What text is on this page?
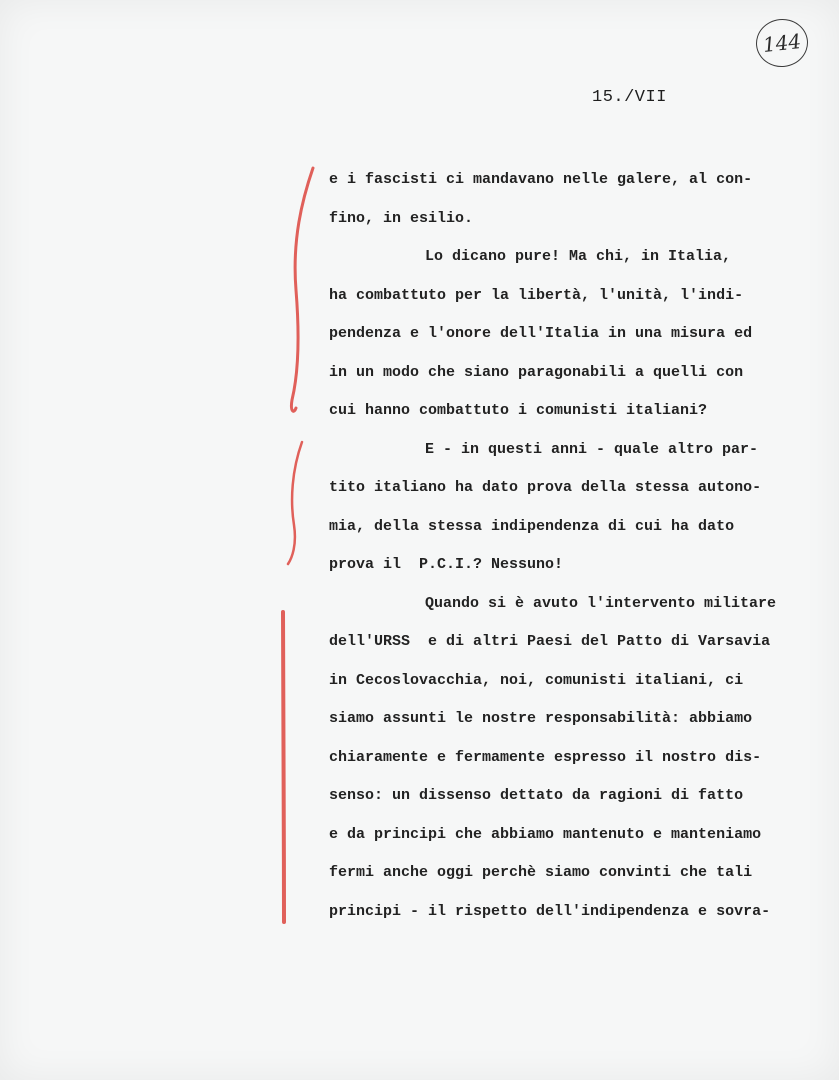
144
15./VII
e i fascisti ci mandavano nelle galere, al con-
fino, in esilio.
Lo dicano pure! Ma chi, in Italia,
ha combattuto per la libertà, l'unità, l'indi-
pendenza e l'onore dell'Italia in una misura ed
in un modo che siano paragonabili a quelli con
cui hanno combattuto i comunisti italiani?
E - in questi anni - quale altro par-
tito italiano ha dato prova della stessa autono-
mia, della stessa indipendenza di cui ha dato
prova il  P.C.I.? Nessuno!
Quando si è avuto l'intervento militare
dell'URSS  e di altri Paesi del Patto di Varsavia
in Cecoslovacchia, noi, comunisti italiani, ci
siamo assunti le nostre responsabilità: abbiamo
chiaramente e fermamente espresso il nostro dis-
senso: un dissenso dettato da ragioni di fatto
e da principi che abbiamo mantenuto e manteniamo
fermi anche oggi perchè siamo convinti che tali
principi - il rispetto dell'indipendenza e sovra-
